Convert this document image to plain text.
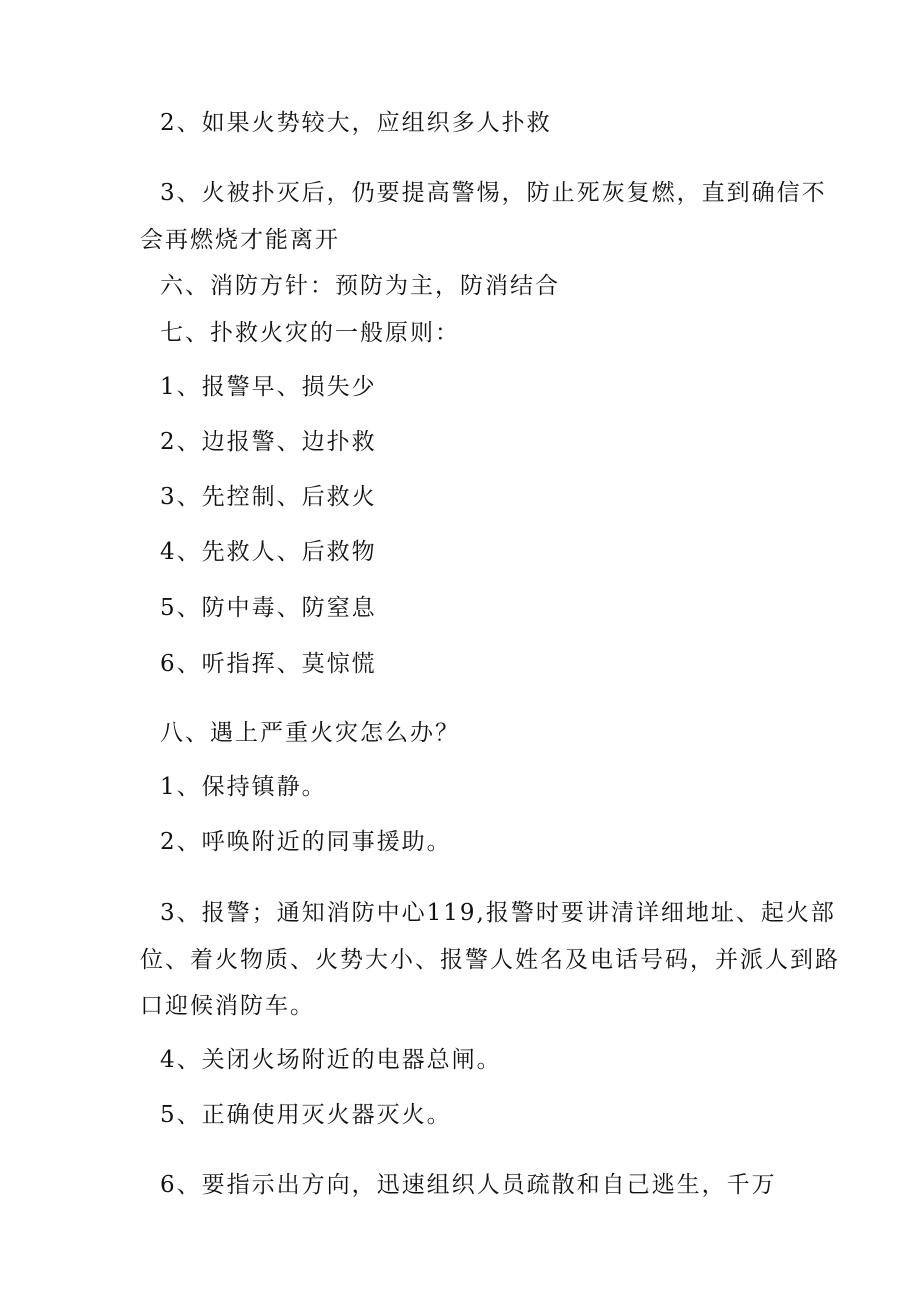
2、如果火势较大，应组织多人扑救
3、火被扑灭后，仍要提高警惕，防止死灰复燃，直到确信不
会再燃烧才能离开
六、消防方针：预防为主，防消结合
七、扑救火灾的一般原则：
1、报警早、损失少
2、边报警、边扑救
3、先控制、后救火
4、先救人、后救物
5、防中毒、防窒息
6、听指挥、莫惊慌
八、遇上严重火灾怎么办？
1、保持镇静。
2、呼唤附近的同事援助。
3、报警；通知消防中心119,报警时要讲清详细地址、起火部
位、着火物质、火势大小、报警人姓名及电话号码，并派人到路
口迎候消防车。
4、关闭火场附近的电器总闸。
5、正确使用灭火器灭火。
6、要指示出方向，迅速组织人员疏散和自己逃生，千万
